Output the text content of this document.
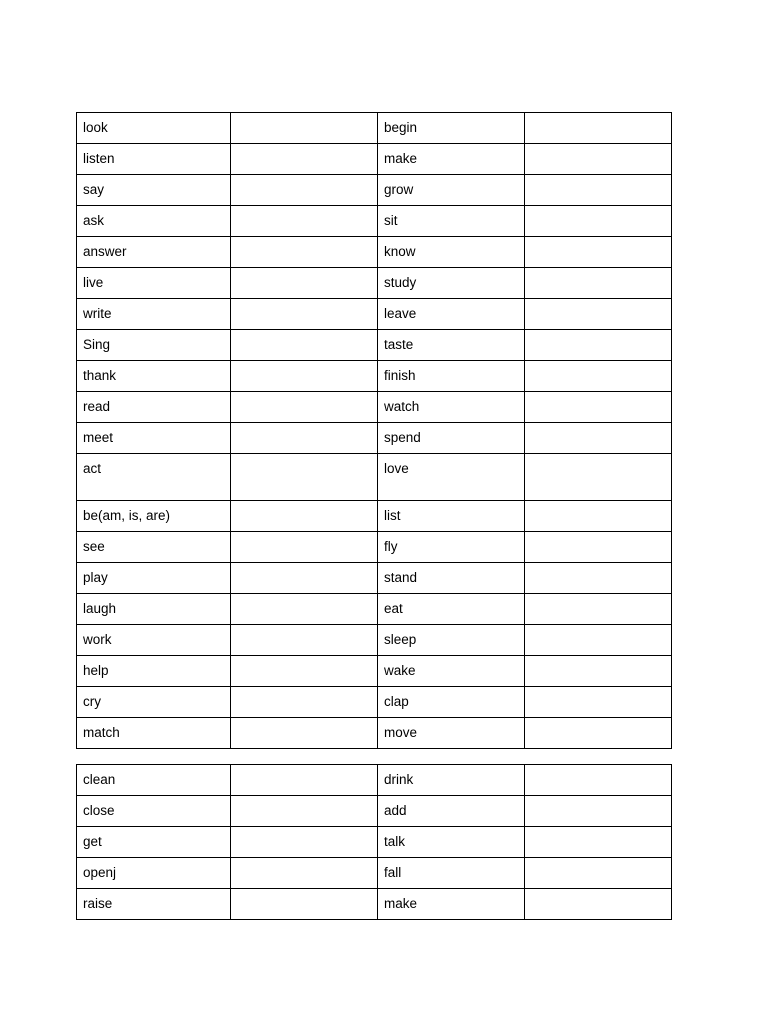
look		begin	
listen		make	
say		grow	
ask		sit	
answer		know	
live		study	
write		leave	
Sing		taste	
thank		finish	
read		watch	
meet		spend	
act		love	
be(am, is, are)		list	
see		fly	
play		stand	
laugh		eat	
work		sleep	
help		wake	
cry		clap	
match		move	
clean		drink	
close		add	
get		talk	
openj		fall	
raise		make	
